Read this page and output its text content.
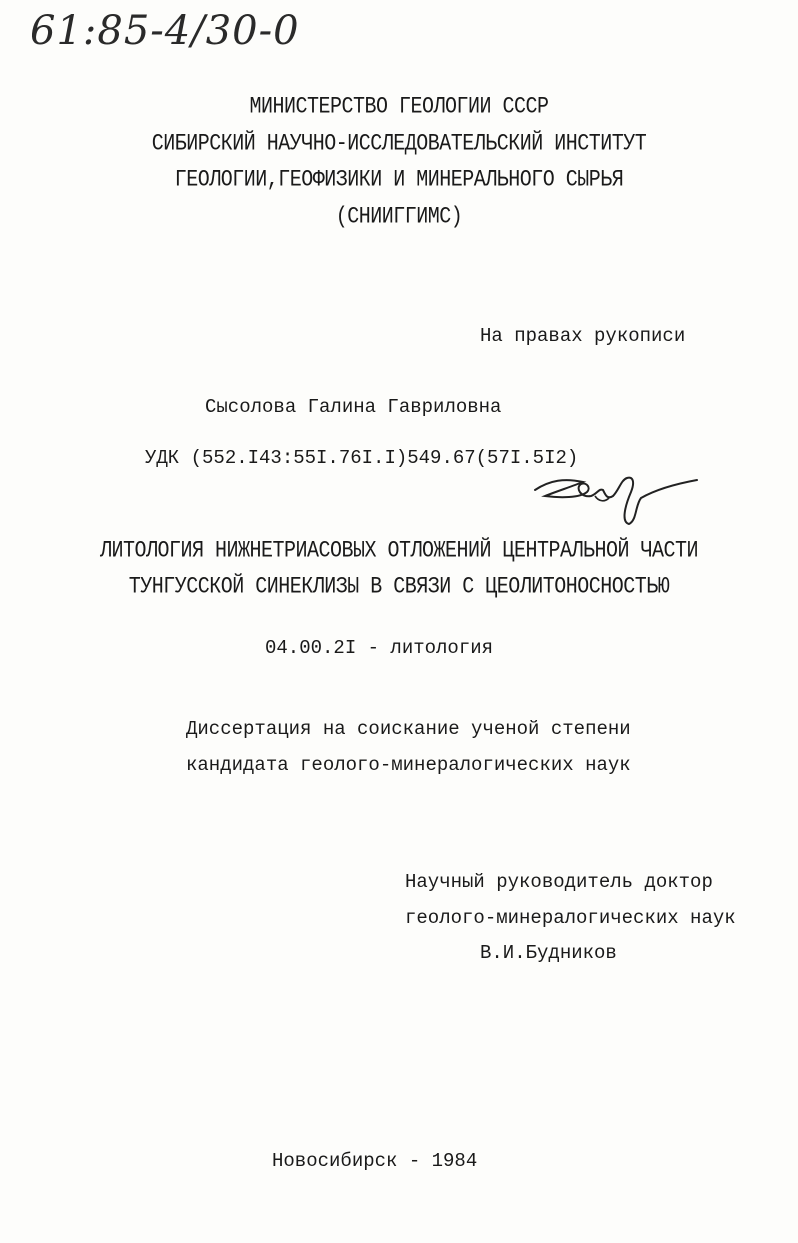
61:85-4/30-0
МИНИСТЕРСТВО ГЕОЛОГИИ СССР
СИБИРСКИЙ НАУЧНО-ИССЛЕДОВАТЕЛЬСКИЙ ИНСТИТУТ
ГЕОЛОГИИ,ГЕОФИЗИКИ И МИНЕРАЛЬНОГО СЫРЬЯ
(СНИИГГИМС)
На правах рукописи
Сысолова Галина Гавриловна
УДК (552.I43:55I.76I.I)549.67(57I.5I2)
ЛИТОЛОГИЯ НИЖНЕТРИАСОВЫХ ОТЛОЖЕНИЙ ЦЕНТРАЛЬНОЙ ЧАСТИ
ТУНГУССКОЙ СИНЕКЛИЗЫ В СВЯЗИ С ЦЕОЛИТОНОСНОСТЬЮ
04.00.2I - литология
Диссертация на соискание ученой степени
кандидата геолого-минералогических наук
Научный руководитель доктор
геолого-минералогических наук
В.И.Будников
Новосибирск - 1984
